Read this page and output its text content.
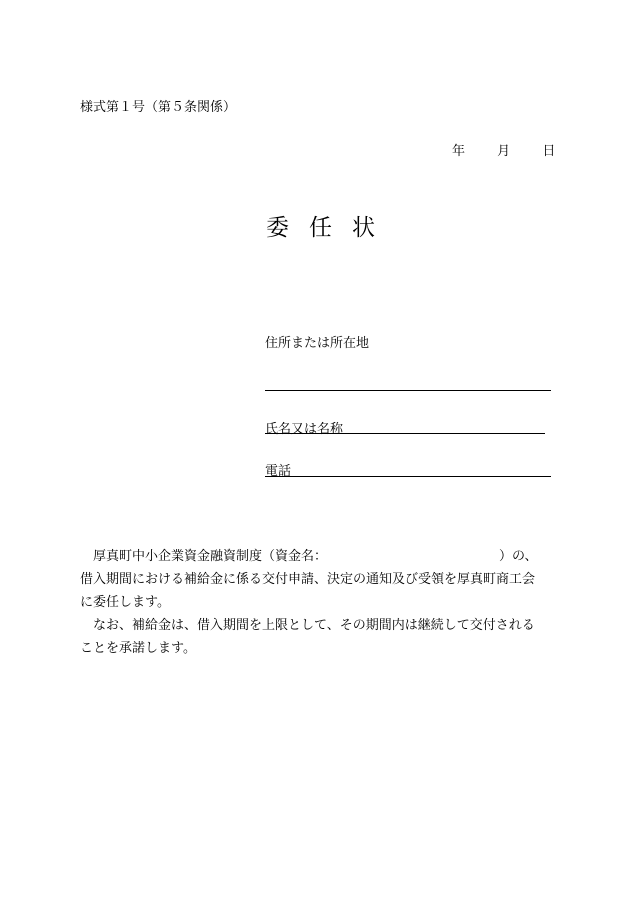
様式第１号（第５条関係）
年 月 日
委 任 状
住所または所在地
氏名又は名称
電話
厚真町中小企業資金融資制度（資金名：	）の、
借入期間における補給金に係る交付申請、決定の通知及び受領を厚真町商工会
に委任します。
なお、補給金は、借入期間を上限として、その期間内は継続して交付される
ことを承諾します。
